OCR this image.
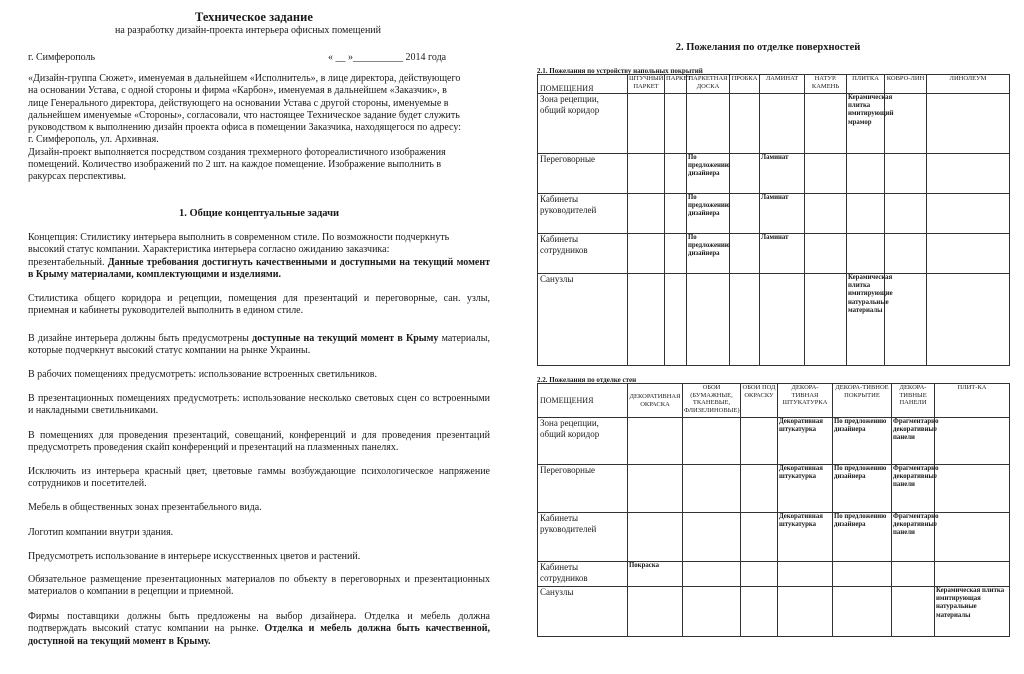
Техническое задание
на разработку дизайн-проекта интерьера офисных помещений
г. Симферополь	« __ »__________ 2014 года
«Дизайн-группа Сюжет», именуемая в дальнейшем «Исполнитель», в лице директора, действующего
на основании Устава, с одной стороны и фирма «Карбон», именуемая в дальнейшем «Заказчик», в
лице Генерального директора, действующего на основании Устава с другой стороны, именуемые в
дальнейшем именуемые «Стороны», согласовали, что настоящее Техническое задание будет служить
руководством к выполнению дизайн проекта офиса в помещении Заказчика, находящегося по адресу:
г. Симферополь, ул. Архивная.
Дизайн-проект выполняется посредством создания трехмерного фотореалистичного изображения
помещений. Количество изображений по 2 шт. на каждое помещение. Изображение выполнить в
ракурсах перспективы.
1. Общие концептуальные задачи
Концепция: Стилистику интерьера выполнить в современном стиле. По возможности подчеркнуть
высокий статус компании. Характеристика интерьера согласно ожиданию заказчика:
презентабельный. Данные требования достигнуть качественными и доступными на текущий момент в Крыму материалами, комплектующими и изделиями.
Стилистика общего коридора и рецепции, помещения для презентаций и переговорные, сан. узлы, приемная и кабинеты руководителей выполнить в едином стиле.
В дизайне интерьера должны быть предусмотрены доступные на текущий момент в Крыму материалы, которые подчеркнут высокий статус компании на рынке Украины.
В рабочих помещениях предусмотреть: использование встроенных светильников.
В презентационных помещениях предусмотреть: использование несколько световых сцен со встроенными и накладными светильниками.
В помещениях для проведения презентаций, совещаний, конференций и для проведения презентаций предусмотреть проведения скайп конференций и презентаций на плазменных панелях.
Исключить из интерьера красный цвет, цветовые гаммы возбуждающие психологическое напряжение сотрудников и посетителей.
Мебель в общественных зонах презентабельного вида.
Логотип компании внутри здания.
Предусмотреть использование в интерьере искусственных цветов и растений.
Обязательное размещение презентационных материалов по объекту в переговорных и презентационных материалов о компании в рецепции и приемной.
Фирмы поставщики должны быть предложены на выбор дизайнера. Отделка и мебель должна подтверждать высокий статус компании на рынке. Отделка и мебель должна быть качественной, доступной на текущий момент в Крыму.
2. Пожелания по отделке поверхностей
2.1. Пожелания по устройству напольных покрытий
ПОМЕЩЕНИЯ	ШТУЧНЫЙ ПАРКЕТ	ПАРКЕТ	ПАРКЕТНАЯ ДОСКА	ПРОБКА	ЛАМИНАТ	НАТУР. КАМЕНЬ	ПЛИТКА	КОВРО-ЛИН	ЛИНОЛЕУМ
Зона рецепции, общий коридор							Керамическая плитка имитирующий мрамор		
Переговорные			По предложению дизайнера		Ламинат				
Кабинеты руководителей			По предложению дизайнера		Ламинат				
Кабинеты сотрудников			По предложению дизайнера		Ламинат				
Санузлы							Керамическая плитка имитирующие натуральные материалы		
2.2. Пожелания по отделке стен
ПОМЕЩЕНИЯ	ДЕКОРАТИВНАЯ ОКРАСКА	ОБОИ (БУМАЖНЫЕ, ТКАНЕВЫЕ, ФЛИЗЕЛИНОВЫЕ)	ОБОИ ПОД ОКРАСКУ	ДЕКОРА-ТИВНАЯ ШТУКАТУРКА	ДЕКОРА-ТИВНОЕ ПОКРЫТИЕ	ДЕКОРА-ТИВНЫЕ ПАНЕЛИ	ПЛИТ-КА
Зона рецепции, общий коридор				Декоративная штукатурка	По предложению дизайнера	Фрагментарно декоративные панели	
Переговорные				Декоративная штукатурка	По предложению дизайнера	Фрагментарно декоративные панели	
Кабинеты руководителей				Декоративная штукатурка	По предложению дизайнера	Фрагментарно декоративные панели	
Кабинеты сотрудников	Покраска						
Санузлы							Керамическая плитка имитирующая натуральные материалы
